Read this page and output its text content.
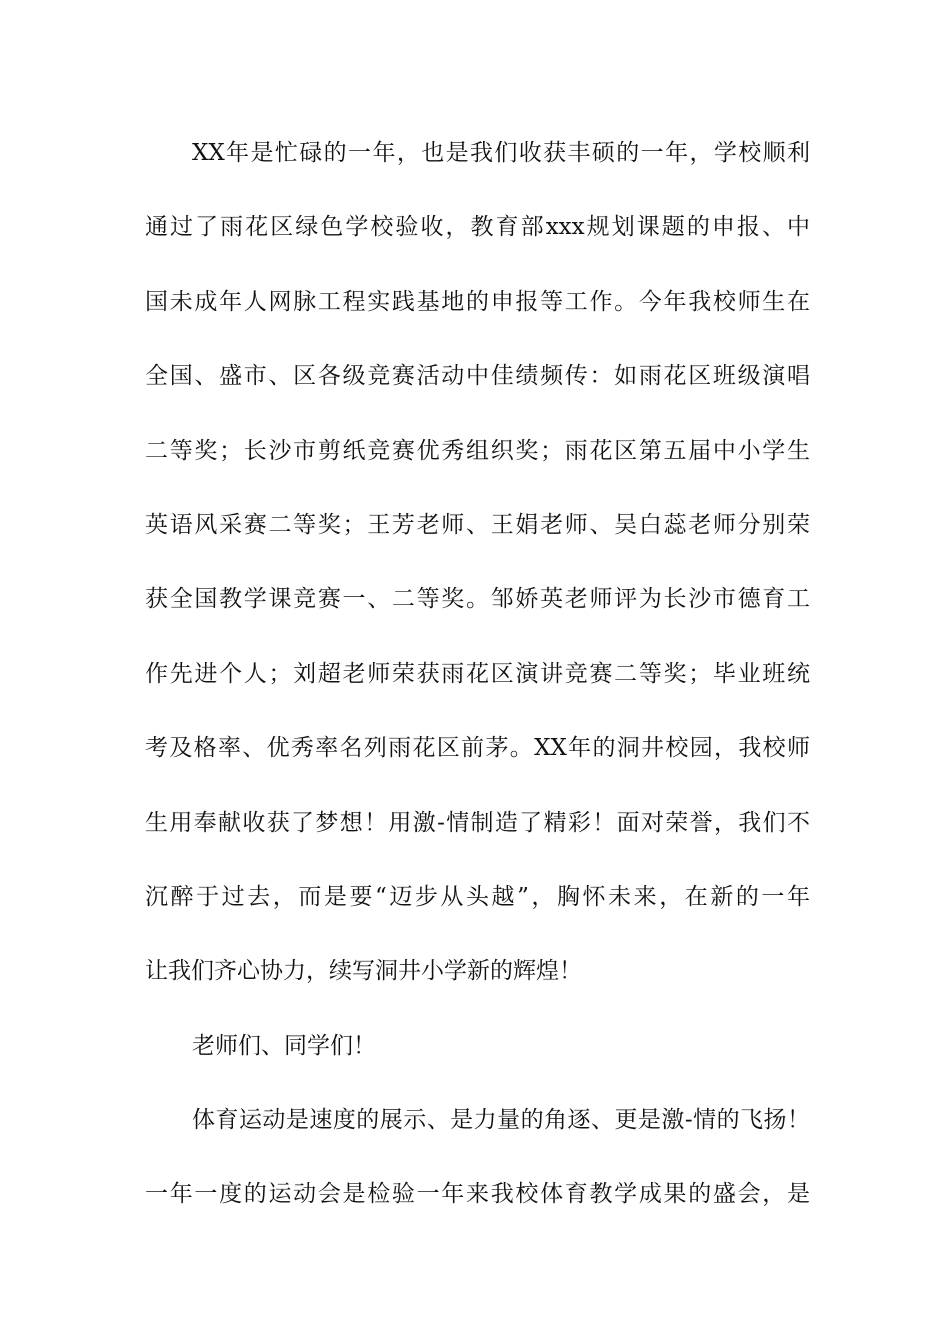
XX年是忙碌的一年，也是我们收获丰硕的一年，学校顺利
通过了雨花区绿色学校验收，教育部xxx规划课题的申报、中
国未成年人网脉工程实践基地的申报等工作。今年我校师生在
全国、盛市、区各级竞赛活动中佳绩频传：如雨花区班级演唱
二等奖；长沙市剪纸竞赛优秀组织奖；雨花区第五届中小学生
英语风采赛二等奖；王芳老师、王娟老师、吴白蕊老师分别荣
获全国教学课竞赛一、二等奖。邹娇英老师评为长沙市德育工
作先进个人；刘超老师荣获雨花区演讲竞赛二等奖；毕业班统
考及格率、优秀率名列雨花区前茅。XX年的洞井校园，我校师
生用奉献收获了梦想！用激-情制造了精彩！面对荣誉，我们不
沉醉于过去，而是要“迈步从头越”，胸怀未来，在新的一年
让我们齐心协力，续写洞井小学新的辉煌！
老师们、同学们！
体育运动是速度的展示、是力量的角逐、更是激-情的飞扬！
一年一度的运动会是检验一年来我校体育教学成果的盛会，是
